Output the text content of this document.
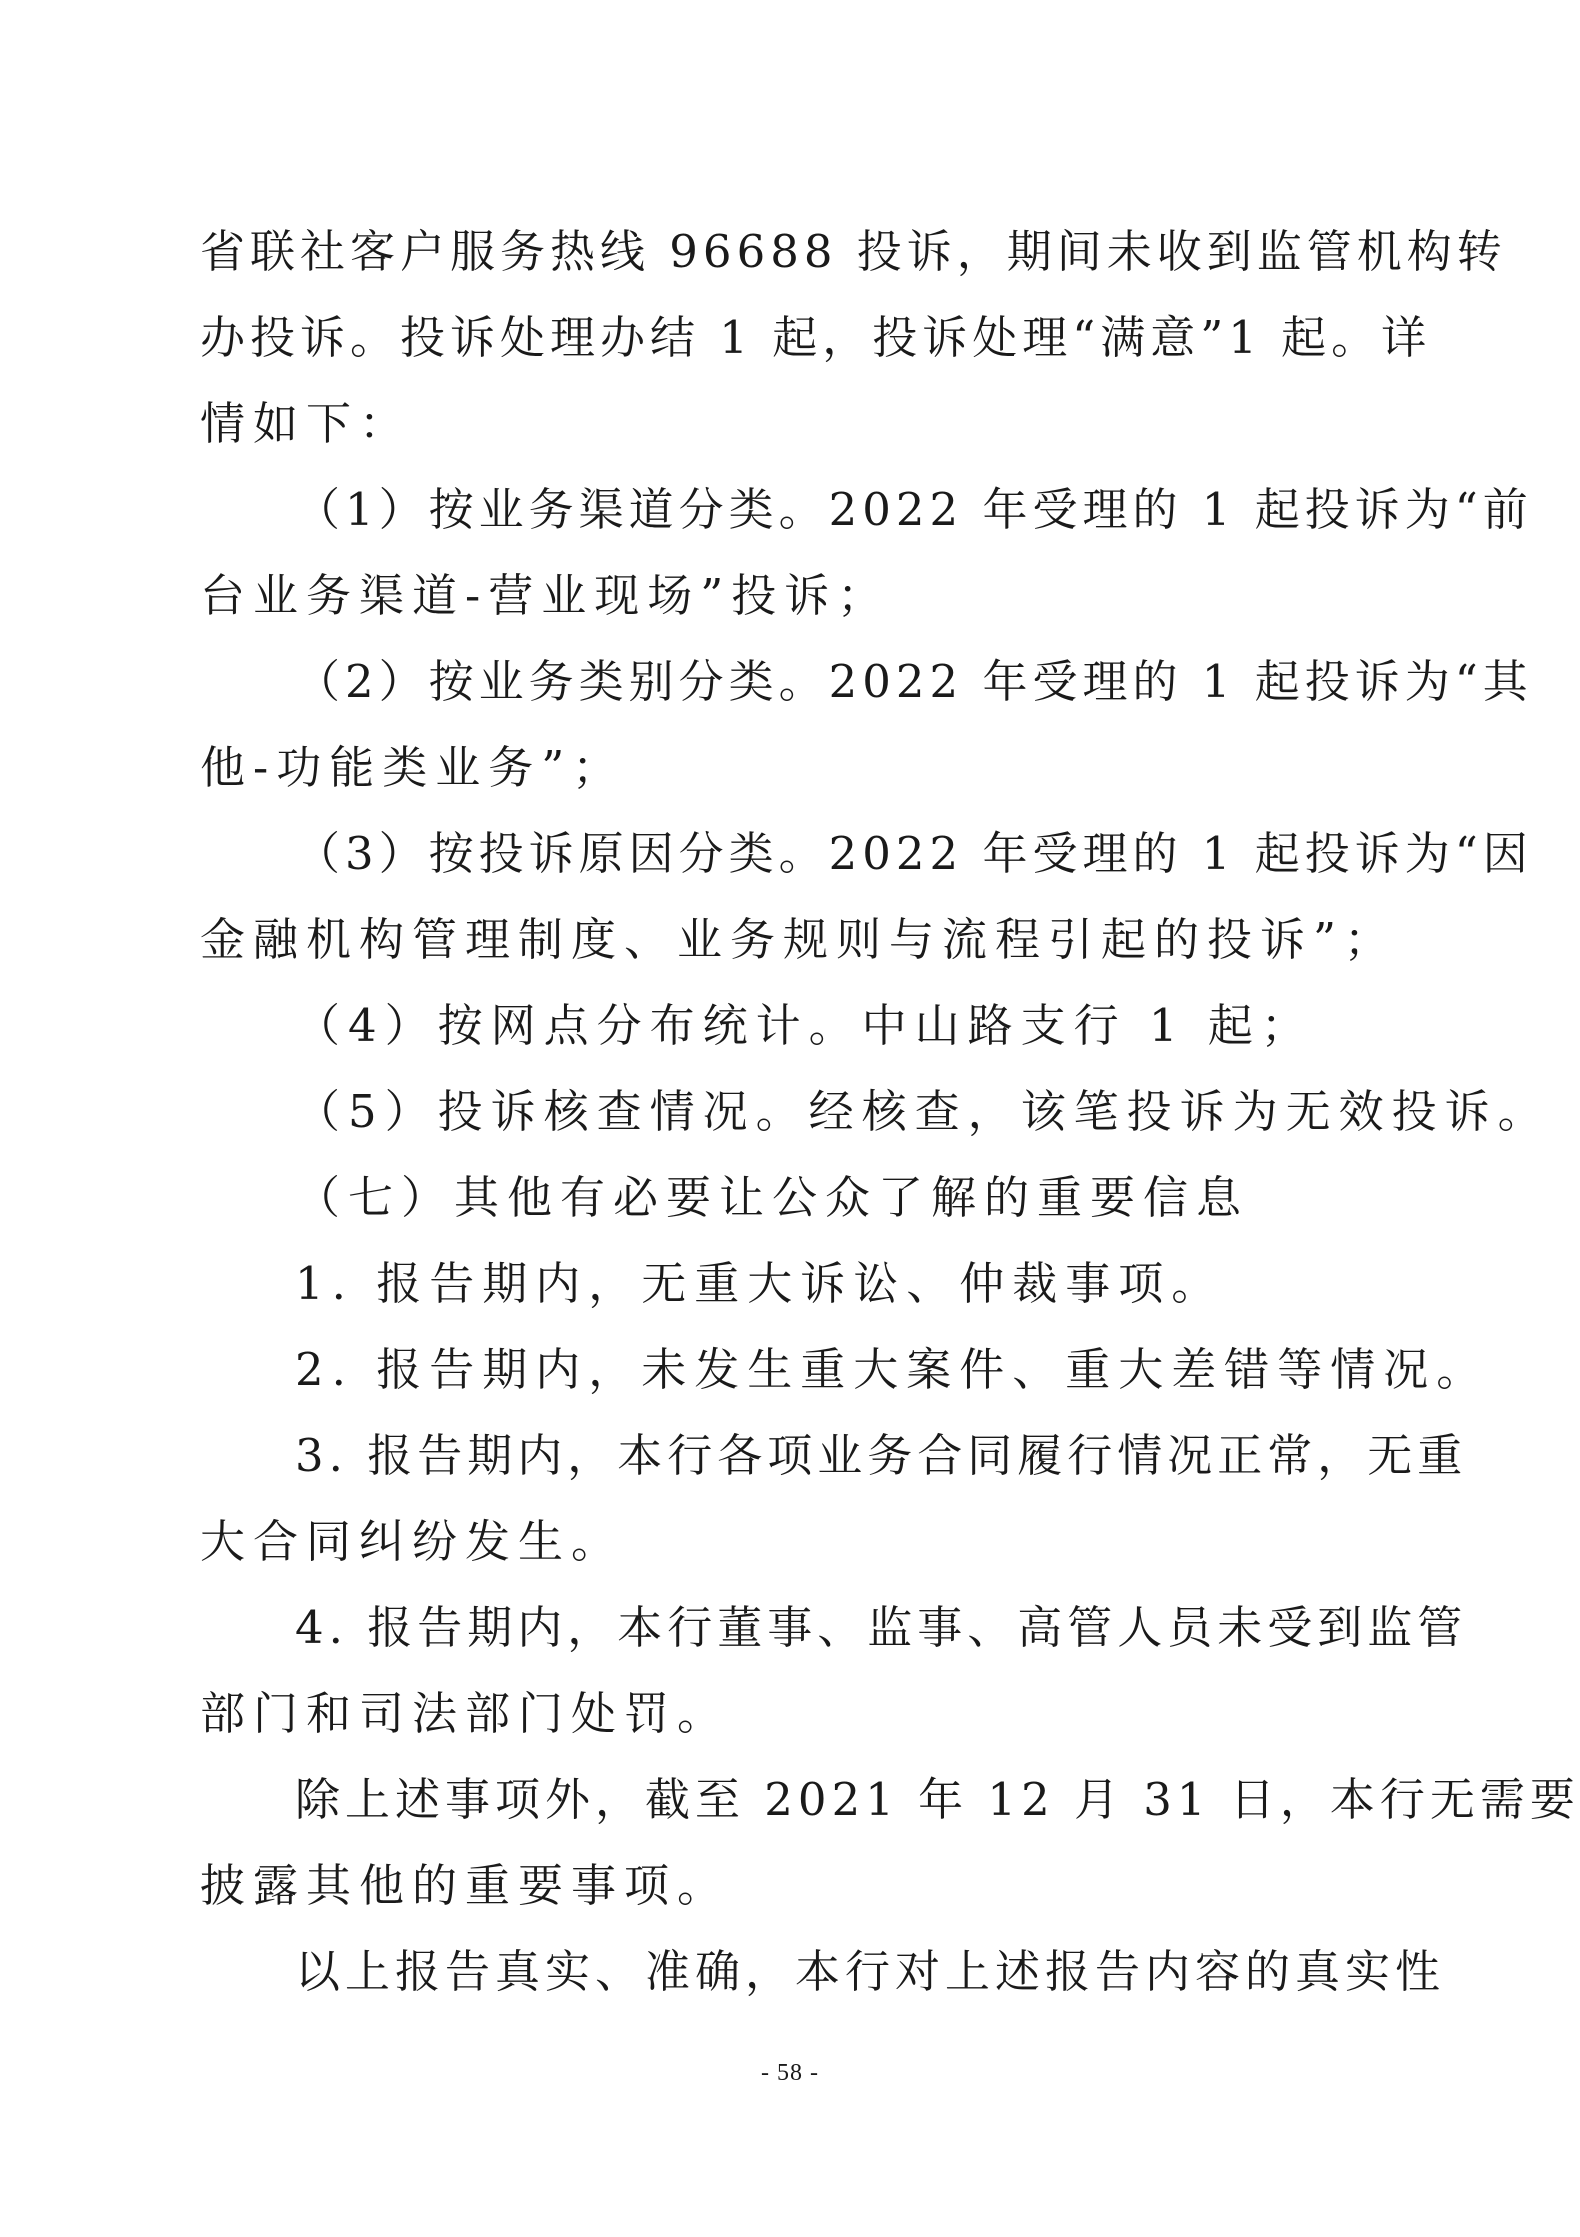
省联社客户服务热线 96688 投诉，期间未收到监管机构转
办投诉。投诉处理办结 1 起，投诉处理“满意”1 起。详
情如下：
（1）按业务渠道分类。2022 年受理的 1 起投诉为“前
台业务渠道-营业现场”投诉；
（2）按业务类别分类。2022 年受理的 1 起投诉为“其
他-功能类业务”；
（3）按投诉原因分类。2022 年受理的 1 起投诉为“因
金融机构管理制度、业务规则与流程引起的投诉”；
（4）按网点分布统计。中山路支行 1 起；
（5）投诉核查情况。经核查，该笔投诉为无效投诉。
（七）其他有必要让公众了解的重要信息
1. 报告期内，无重大诉讼、仲裁事项。
2. 报告期内，未发生重大案件、重大差错等情况。
3. 报告期内，本行各项业务合同履行情况正常，无重
大合同纠纷发生。
4. 报告期内，本行董事、监事、高管人员未受到监管
部门和司法部门处罚。
除上述事项外，截至 2021 年 12 月 31 日，本行无需要
披露其他的重要事项。
以上报告真实、准确，本行对上述报告内容的真实性
- 58 -
